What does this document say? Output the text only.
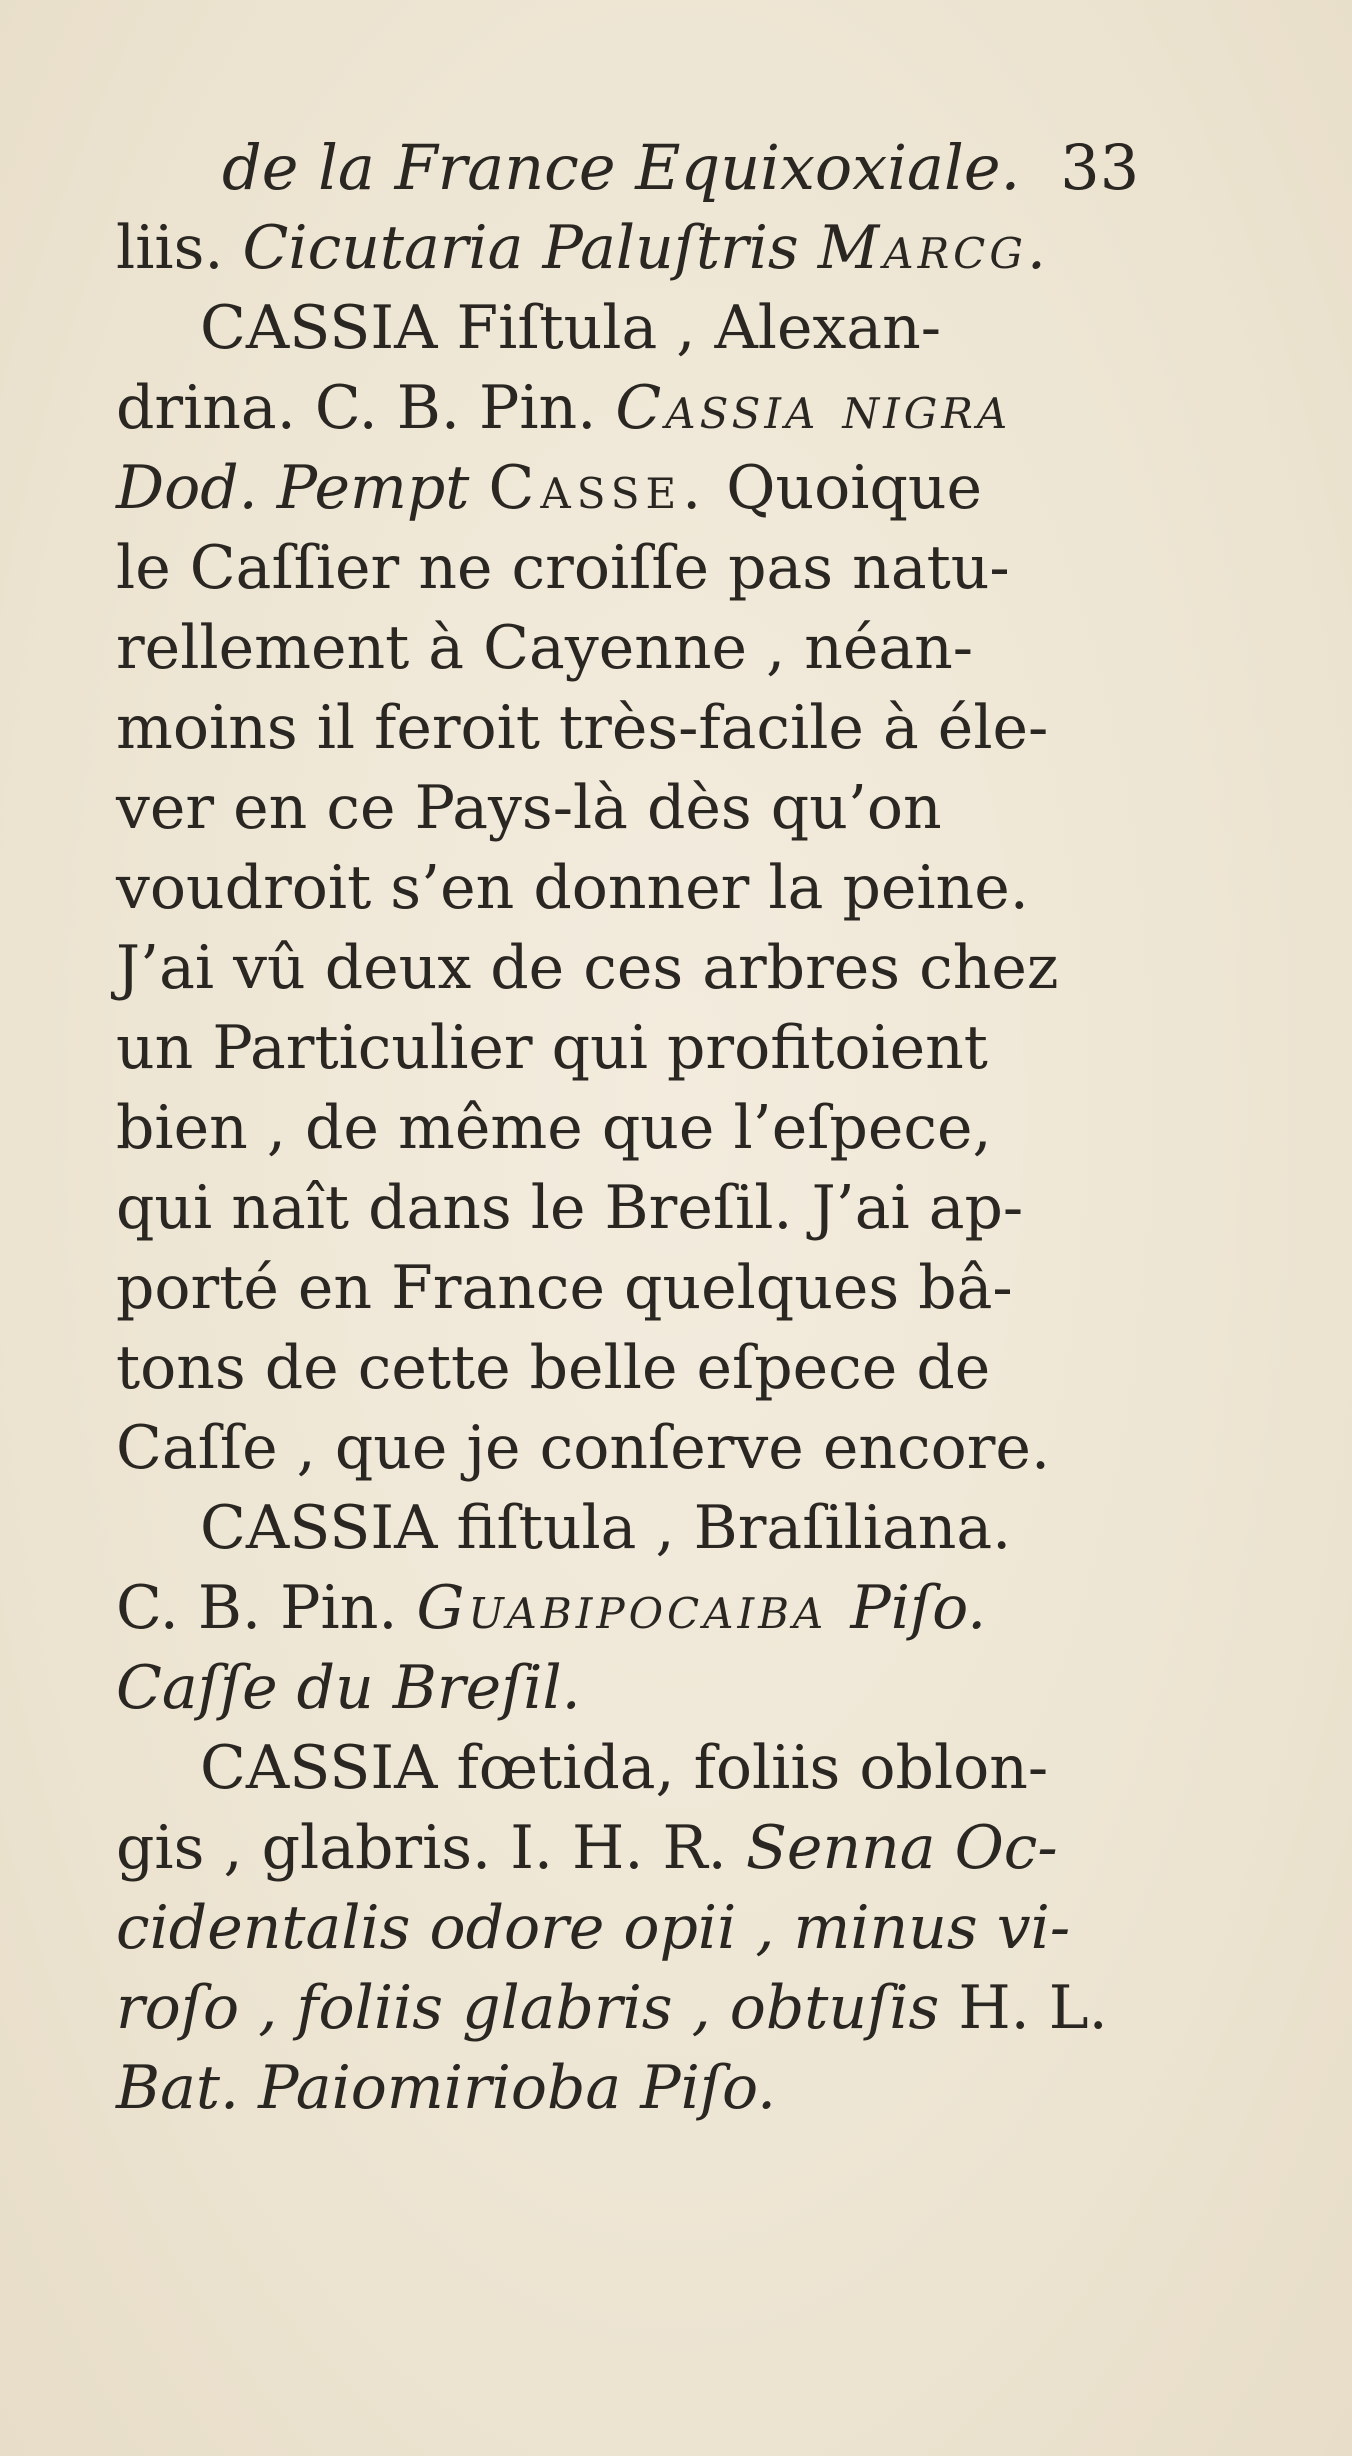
de la France Equixoxiale. 33
liis. Cicutaria Paluſtris Marcg.
CASSIA Fiſtula , Alexan-
drina. C. B. Pin. Cassia nigra
Dod. Pempt Casse. Quoique
le Caſſier ne croiſſe pas natu-
rellement à Cayenne , néan-
moins il feroit très-facile à éle-
ver en ce Pays-là dès qu’on
voudroit s’en donner la peine.
J’ai vû deux de ces arbres chez
un Particulier qui profitoient
bien , de même que l’eſpece,
qui naît dans le Breſil. J’ai ap-
porté en France quelques bâ-
tons de cette belle eſpece de
Caſſe , que je conſerve encore.
CASSIA fiſtula , Braſiliana.
C. B. Pin. Guabipocaiba Piſo.
Caſſe du Breſil.
CASSIA fœtida, foliis oblon-
gis , glabris. I. H. R. Senna Oc-
cidentalis odore opii , minus vi-
roſo , foliis glabris , obtuſis H. L.
Bat. Paiomirioba Piſo.
